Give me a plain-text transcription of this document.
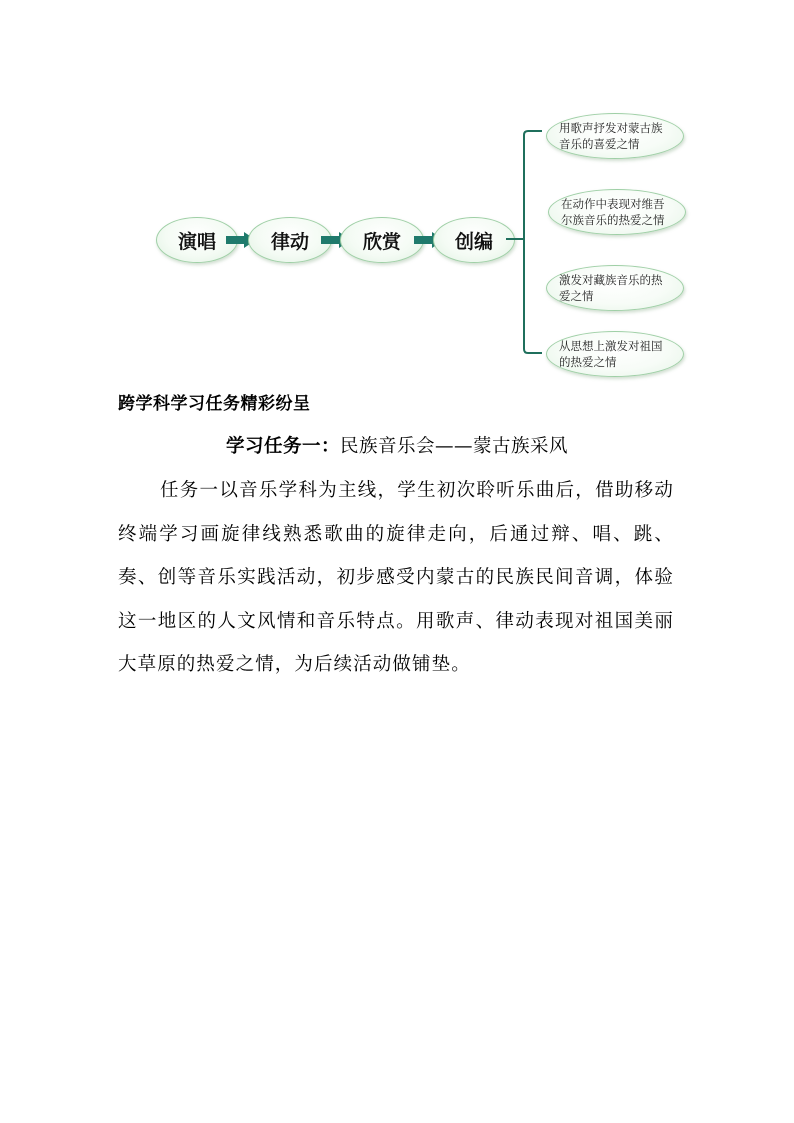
演唱	律动	欣赏	创编
用歌声抒发对蒙古族音乐的喜爱之情
在动作中表现对维吾尔族音乐的热爱之情
激发对藏族音乐的热爱之情
从思想上激发对祖国的热爱之情
跨学科学习任务精彩纷呈
学习任务一：民族音乐会——蒙古族采风

任务一以音乐学科为主线，学生初次聆听乐曲后，借助移动终端学习画旋律线熟悉歌曲的旋律走向，后通过辩、唱、跳、奏、创等音乐实践活动，初步感受内蒙古的民族民间音调，体验这一地区的人文风情和音乐特点。用歌声、律动表现对祖国美丽大草原的热爱之情，为后续活动做铺垫。
